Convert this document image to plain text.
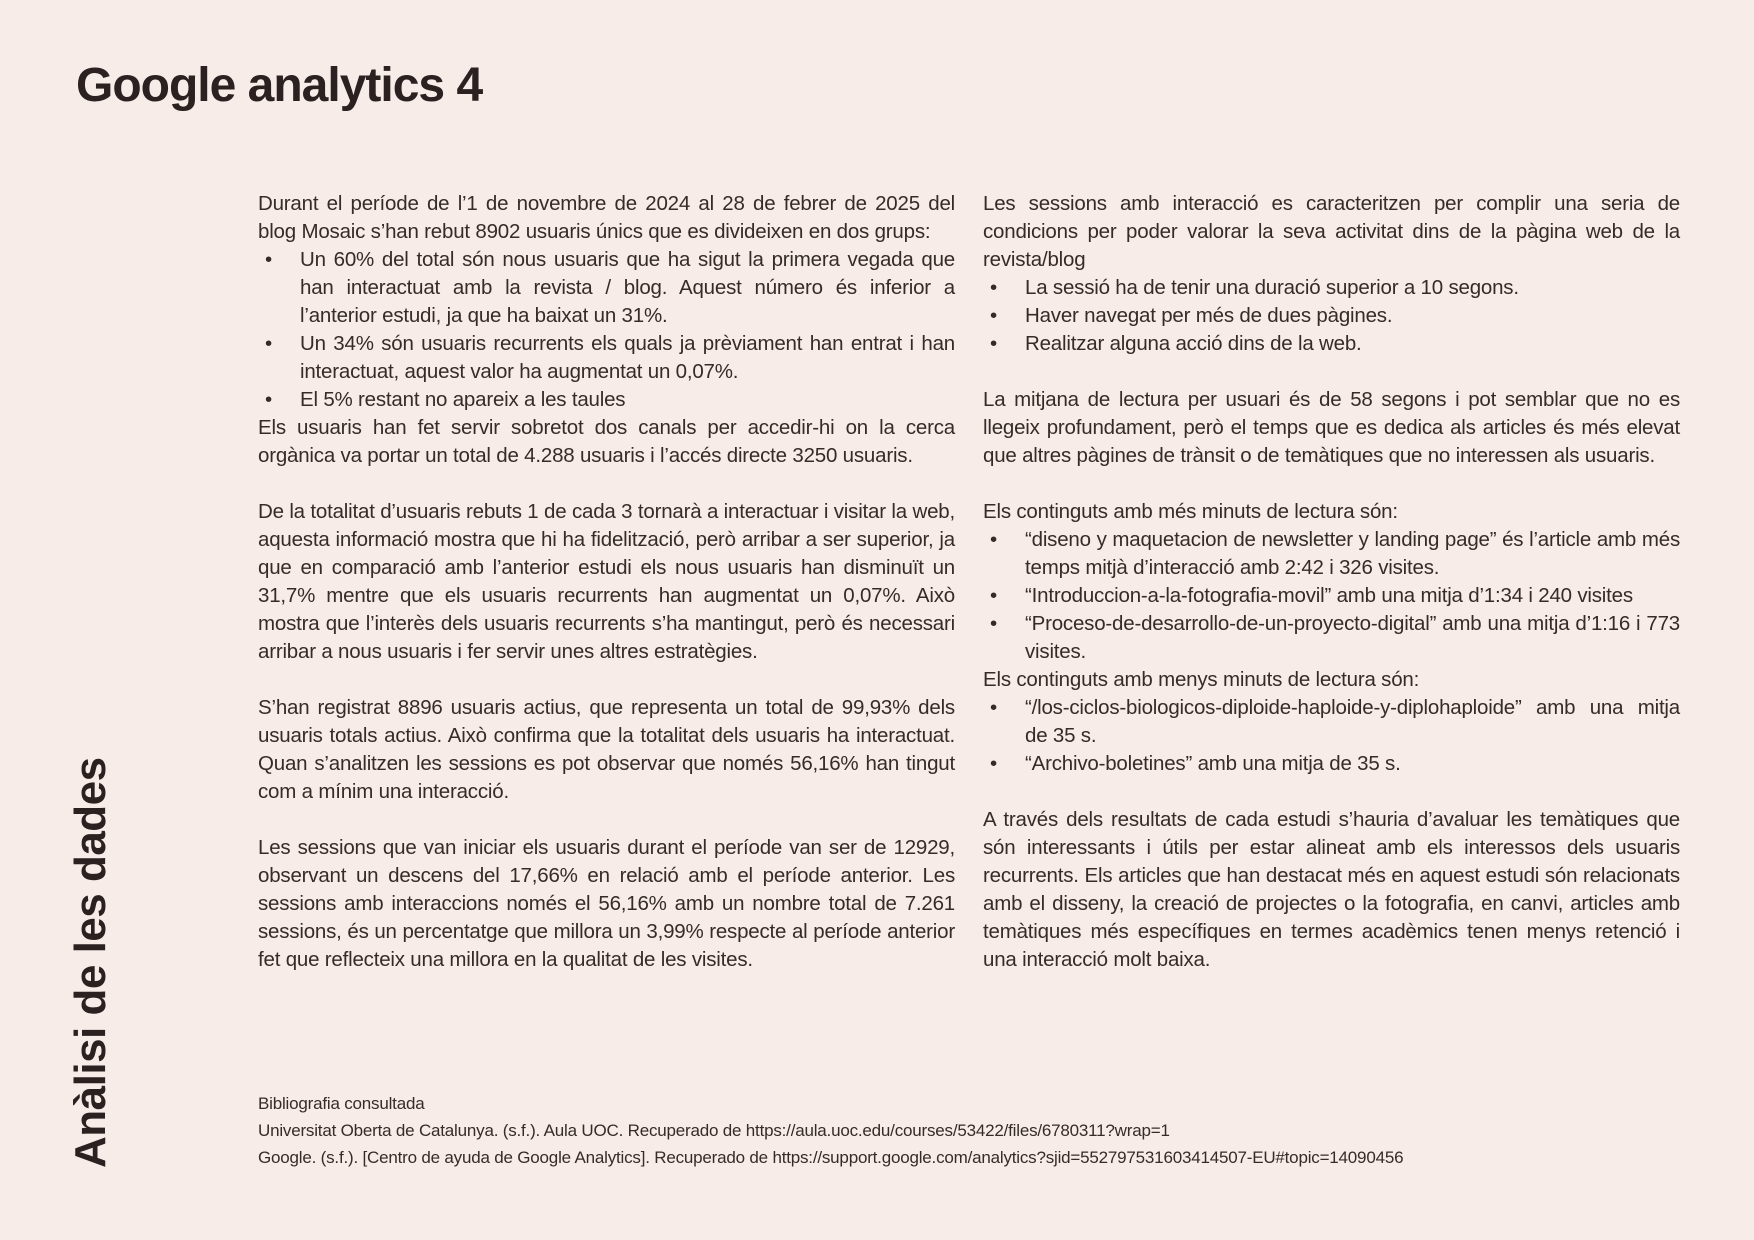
Google analytics 4
Anàlisi de les dades

Durant el període de l’1 de novembre de 2024 al 28 de febrer de 2025 del blog Mosaic s’han rebut 8902 usuaris únics que es divideixen en dos grups:

• Un 60% del total són nous usuaris que ha sigut la primera vegada que han interactuat amb la revista / blog. Aquest número és inferior a l’anterior estudi, ja que ha baixat un 31%.
• Un 34% són usuaris recurrents els quals ja prèviament han entrat i han interactuat, aquest valor ha augmentat un 0,07%.
• El 5% restant no apareix a les taules

Els usuaris han fet servir sobretot dos canals per accedir-hi on la cerca orgànica va portar un total de 4.288 usuaris i l’accés directe 3250 usuaris.

De la totalitat d’usuaris rebuts 1 de cada 3 tornarà a interactuar i visitar la web, aquesta informació mostra que hi ha fidelització, però arribar a ser superior, ja que en comparació amb l’anterior estudi els nous usuaris han disminuït un 31,7% mentre que els usuaris recurrents han augmentat un 0,07%. Això mostra que l’interès dels usuaris recurrents s’ha mantingut, però és necessari arribar a nous usuaris i fer servir unes altres estratègies.

S’han registrat 8896 usuaris actius, que representa un total de 99,93% dels usuaris totals actius. Això confirma que la totalitat dels usuaris ha interactuat. Quan s’analitzen les sessions es pot observar que només 56,16% han tingut com a mínim una interacció.

Les sessions que van iniciar els usuaris durant el període van ser de 12929, observant un descens del 17,66% en relació amb el període anterior. Les sessions amb interaccions només el 56,16% amb un nombre total de 7.261 sessions, és un percentatge que millora un 3,99% respecte al període anterior fet que reflecteix una millora en la qualitat de les visites.

Les sessions amb interacció es caracteritzen per complir una seria de condicions per poder valorar la seva activitat dins de la pàgina web de la revista/blog

• La sessió ha de tenir una duració superior a 10 segons.
• Haver navegat per més de dues pàgines.
• Realitzar alguna acció dins de la web.

La mitjana de lectura per usuari és de 58 segons i pot semblar que no es llegeix profundament, però el temps que es dedica als articles és més elevat que altres pàgines de trànsit o de temàtiques que no interessen als usuaris.

Els continguts amb més minuts de lectura són:

• “diseno y maquetacion de newsletter y landing page” és l’article amb més temps mitjà d’interacció amb 2:42 i 326 visites.
• “Introduccion-a-la-fotografia-movil” amb una mitja d’1:34 i 240 visites
• “Proceso-de-desarrollo-de-un-proyecto-digital” amb una mitja d’1:16 i 773 visites.

Els continguts amb menys minuts de lectura són:

• “/los-ciclos-biologicos-diploide-haploide-y-diplohaploide” amb una mitja de 35 s.
• “Archivo-boletines” amb una mitja de 35 s.

A través dels resultats de cada estudi s’hauria d’avaluar les temàtiques que són interessants i útils per estar alineat amb els interessos dels usuaris recurrents. Els articles que han destacat més en aquest estudi són relacionats amb el disseny, la creació de projectes o la fotografia, en canvi, articles amb temàtiques més específiques en termes acadèmics tenen menys retenció i una interacció molt baixa.

Bibliografia consultada

Universitat Oberta de Catalunya. (s.f.). Aula UOC. Recuperado de https://aula.uoc.edu/courses/53422/files/6780311?wrap=1

Google. (s.f.). [Centro de ayuda de Google Analytics]. Recuperado de https://support.google.com/analytics?sjid=552797531603414507-EU#topic=14090456
